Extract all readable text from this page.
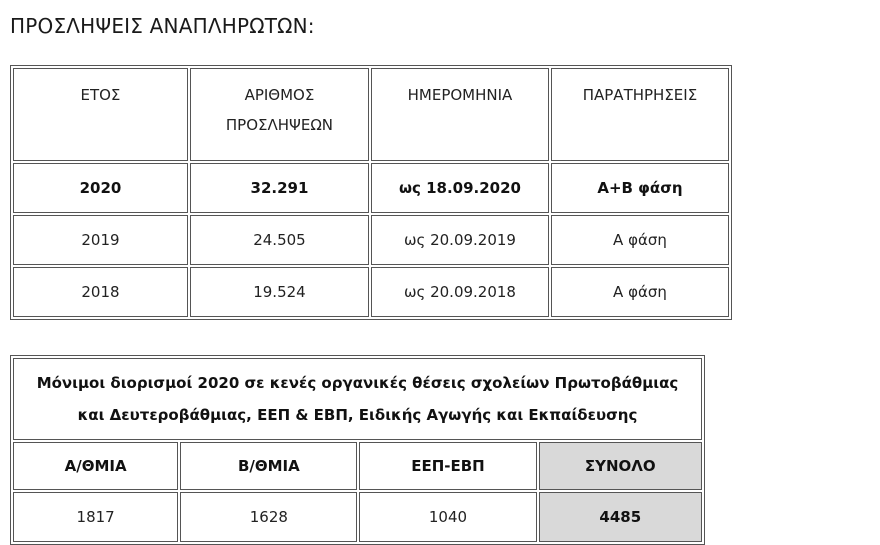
ΠΡΟΣΛΗΨΕΙΣ ΑΝΑΠΛΗΡΩΤΩΝ:
ΕΤΟΣ	ΑΡΙΘΜΟΣ ΠΡΟΣΛΗΨΕΩΝ	ΗΜΕΡΟΜΗΝΙΑ	ΠΑΡΑΤΗΡΗΣΕΙΣ
2020	32.291	ως 18.09.2020	Α+Β φάση
2019	24.505	ως 20.09.2019	Α φάση
2018	19.524	ως 20.09.2018	Α φάση
Μόνιμοι διορισμοί 2020 σε κενές οργανικές θέσεις σχολείων Πρωτοβάθμιας και Δευτεροβάθμιας, ΕΕΠ & ΕΒΠ, Ειδικής Αγωγής και Εκπαίδευσης			
Α/ΘΜΙΑ	Β/ΘΜΙΑ	ΕΕΠ-ΕΒΠ	ΣΥΝΟΛΟ
1817	1628	1040	4485
